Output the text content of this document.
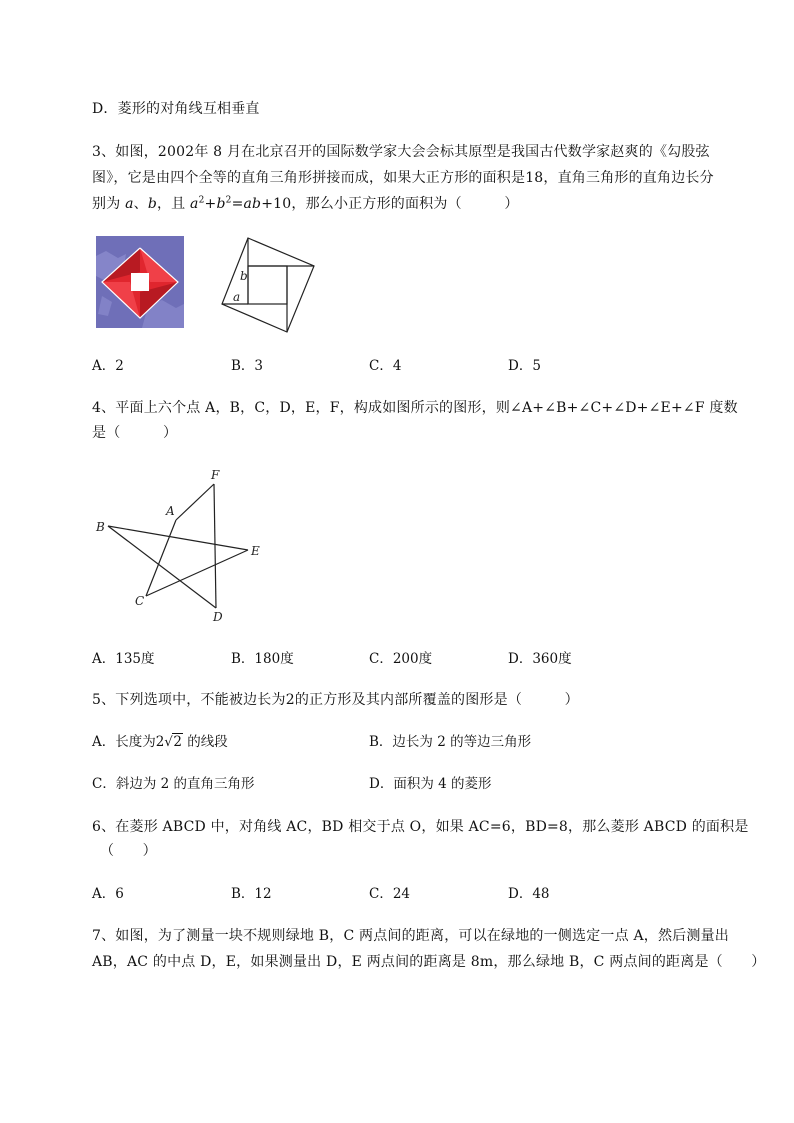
D．菱形的对角线互相垂直
3、如图，2002年 8 月在北京召开的国际数学家大会会标其原型是我国古代数学家赵爽的《勾股弦
图》，它是由四个全等的直角三角形拼接而成，如果大正方形的面积是18，直角三角形的直角边长分
别为 a、b，且 $a^2+b^2=ab+10$，那么小正方形的面积为（　　　）
b
a
A．2	B．3	C．4	D．5
4、平面上六个点 A，B，C，D，E，F，构成如图所示的图形，则∠A+∠B+∠C+∠D+∠E+∠F 度数
是（　　　）
F
A
B
E
C
D
A．135度	B．180度	C．200度	D．360度
5、下列选项中，不能被边长为2的正方形及其内部所覆盖的图形是（　　　）
A．长度为2 √ 2 的线段	B．边长为 2 的等边三角形
C．斜边为 2 的直角三角形	D．面积为 4 的菱形
6、在菱形 ABCD 中，对角线 AC，BD 相交于点 O，如果 AC=6，BD=8，那么菱形 ABCD 的面积是
（　　）
A．6	B．12	C．24	D．48
7、如图，为了测量一块不规则绿地 B，C 两点间的距离，可以在绿地的一侧选定一点 A，然后测量出
AB，AC 的中点 D，E，如果测量出 D，E 两点间的距离是 8m，那么绿地 B，C 两点间的距离是（　　）
